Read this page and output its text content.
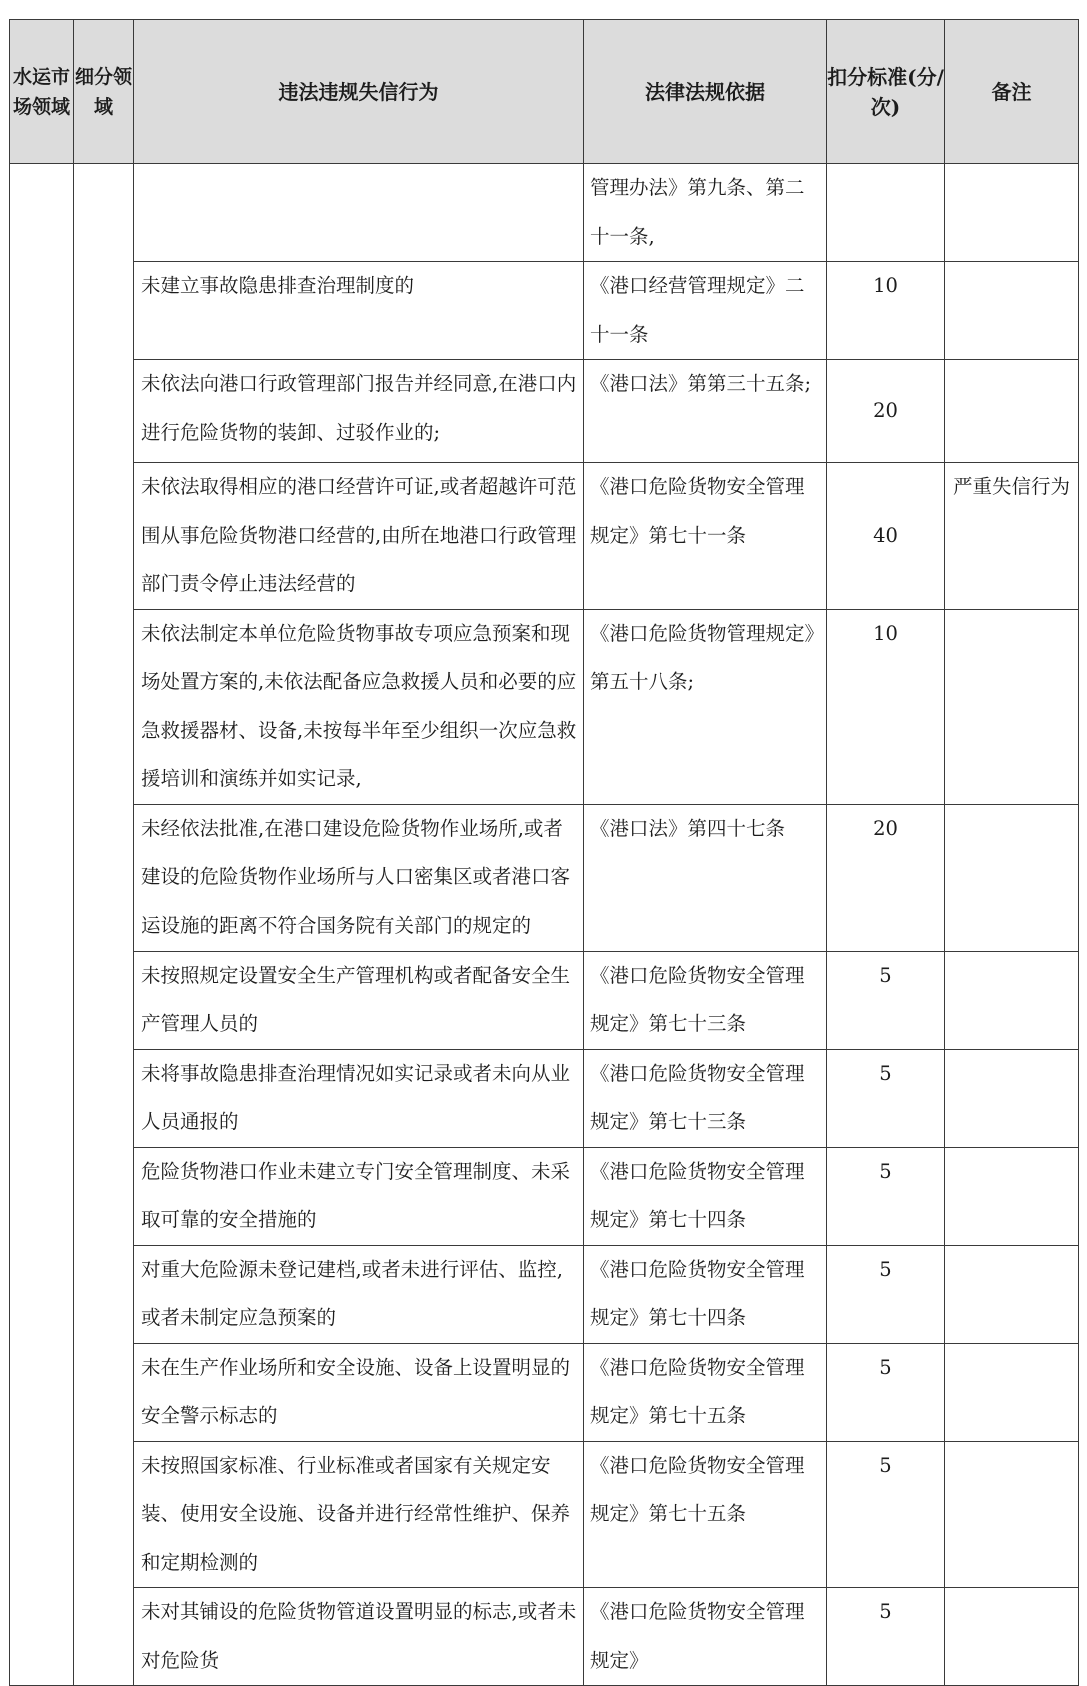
水运市场领域	细分领域	违法违规失信行为	法律法规依据	扣分标准(分/次)	备注
			管理办法》第九条、第二十一条,		
		未建立事故隐患排查治理制度的	《港口经营管理规定》二十一条	10	
		未依法向港口行政管理部门报告并经同意,在港口内进行危险货物的装卸、过驳作业的;	《港口法》第第三十五条;	20	
		未依法取得相应的港口经营许可证,或者超越许可范围从事危险货物港口经营的,由所在地港口行政管理部门责令停止违法经营的	《港口危险货物安全管理规定》第七十一条	40	严重失信行为
		未依法制定本单位危险货物事故专项应急预案和现场处置方案的,未依法配备应急救援人员和必要的应急救援器材、设备,未按每半年至少组织一次应急救援培训和演练并如实记录,	《港口危险货物管理规定》第五十八条;	10	
		未经依法批准,在港口建设危险货物作业场所,或者建设的危险货物作业场所与人口密集区或者港口客运设施的距离不符合国务院有关部门的规定的	《港口法》第四十七条	20	
		未按照规定设置安全生产管理机构或者配备安全生产管理人员的	《港口危险货物安全管理规定》第七十三条	5	
		未将事故隐患排查治理情况如实记录或者未向从业人员通报的	《港口危险货物安全管理规定》第七十三条	5	
		危险货物港口作业未建立专门安全管理制度、未采取可靠的安全措施的	《港口危险货物安全管理规定》第七十四条	5	
		对重大危险源未登记建档,或者未进行评估、监控,或者未制定应急预案的	《港口危险货物安全管理规定》第七十四条	5	
		未在生产作业场所和安全设施、设备上设置明显的安全警示标志的	《港口危险货物安全管理规定》第七十五条	5	
		未按照国家标准、行业标准或者国家有关规定安装、使用安全设施、设备并进行经常性维护、保养和定期检测的	《港口危险货物安全管理规定》第七十五条	5	
		未对其铺设的危险货物管道设置明显的标志,或者未对危险货	《港口危险货物安全管理规定》	5	
